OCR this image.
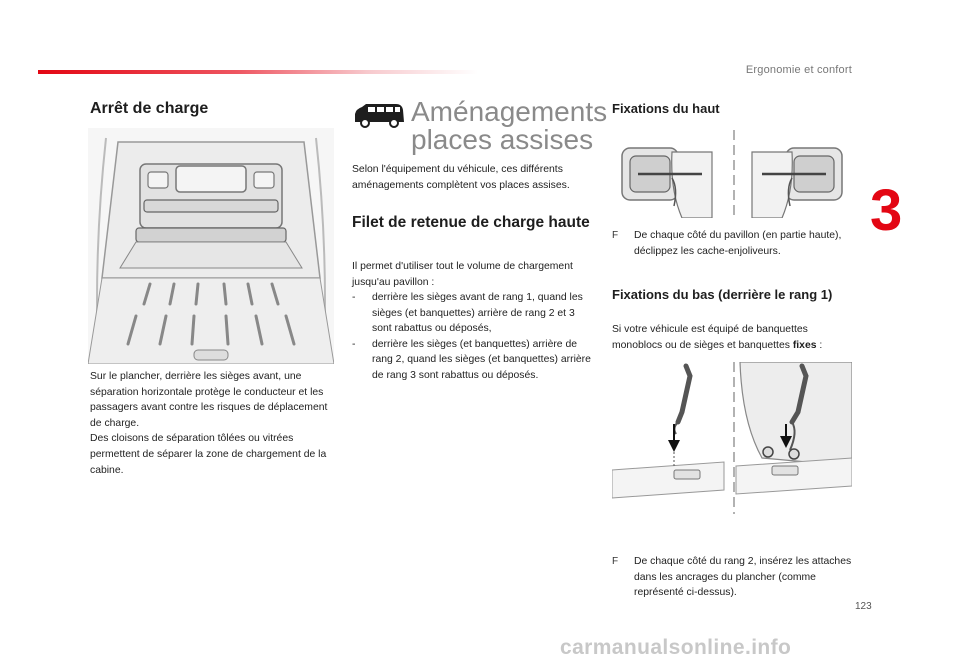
Ergonomie et confort
3
Arrêt de charge

Sur le plancher, derrière les sièges avant, une séparation horizontale protège le conducteur et les passagers avant contre les risques de déplacement de charge.

Des cloisons de séparation tôlées ou vitrées permettent de séparer la zone de chargement de la cabine.

Aménagements
places assises

Selon l'équipement du véhicule, ces différents aménagements complètent vos places assises.

Filet de retenue de charge haute

Il permet d'utiliser tout le volume de chargement jusqu'au pavillon :

- derrière les sièges avant de rang 1, quand les sièges (et banquettes) arrière de rang 2 et 3 sont rabattus ou déposés,
- derrière les sièges (et banquettes) arrière de rang 2, quand les sièges (et banquettes) arrière de rang 3 sont rabattus ou déposés.
Fixations du haut
F De chaque côté du pavillon (en partie haute), déclippez les cache-enjoliveurs.
Fixations du bas (derrière le rang 1)

Si votre véhicule est équipé de banquettes monoblocs ou de sièges et banquettes fixes :

F De chaque côté du rang 2, insérez les attaches dans les ancrages du plancher (comme représenté ci-dessus).
123
carmanualsonline.info
